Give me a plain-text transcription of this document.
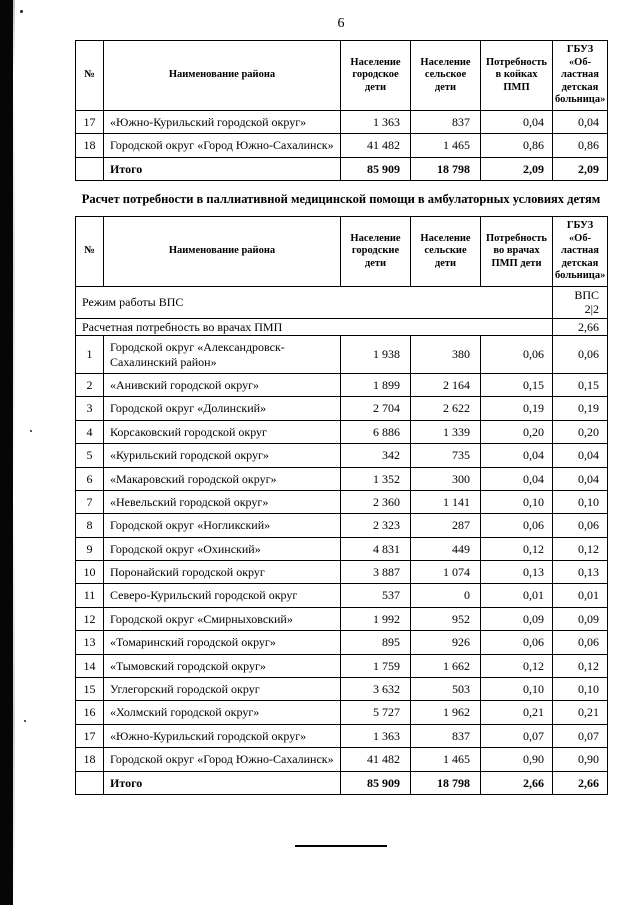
6
№	Наименование района	Население городское дети	Население сельское дети	Потребность в койках ПМП	ГБУЗ «Об-ластная детская больница»
17	«Южно-Курильский городской округ»	1 363	837	0,04	0,04
18	Городской округ «Город Южно-Сахалинск»	41 482	1 465	0,86	0,86
	Итого	85 909	18 798	2,09	2,09
Расчет потребности в паллиативной медицинской помощи в амбулаторных условиях детям
№	Наименование района	Население городские дети	Население сельские дети	Потребность во врачах ПМП дети	ГБУЗ «Об-ластная детская больница»
Режим работы ВПС					ВПС 2|2
Расчетная потребность во врачах ПМП					2,66
1	Городской округ «Александровск-Сахалинский район»	1 938	380	0,06	0,06
2	«Анивский городской округ»	1 899	2 164	0,15	0,15
3	Городской округ «Долинский»	2 704	2 622	0,19	0,19
4	Корсаковский городской округ	6 886	1 339	0,20	0,20
5	«Курильский городской округ»	342	735	0,04	0,04
6	«Макаровский городской округ»	1 352	300	0,04	0,04
7	«Невельский городской округ»	2 360	1 141	0,10	0,10
8	Городской округ «Ногликский»	2 323	287	0,06	0,06
9	Городской округ «Охинский»	4 831	449	0,12	0,12
10	Поронайский городской округ	3 887	1 074	0,13	0,13
11	Северо-Курильский городской округ	537	0	0,01	0,01
12	Городской округ «Смирныховский»	1 992	952	0,09	0,09
13	«Томаринский городской округ»	895	926	0,06	0,06
14	«Тымовский городской округ»	1 759	1 662	0,12	0,12
15	Углегорский городской округ	3 632	503	0,10	0,10
16	«Холмский городской округ»	5 727	1 962	0,21	0,21
17	«Южно-Курильский городской округ»	1 363	837	0,07	0,07
18	Городской округ «Город Южно-Сахалинск»	41 482	1 465	0,90	0,90
	Итого	85 909	18 798	2,66	2,66
